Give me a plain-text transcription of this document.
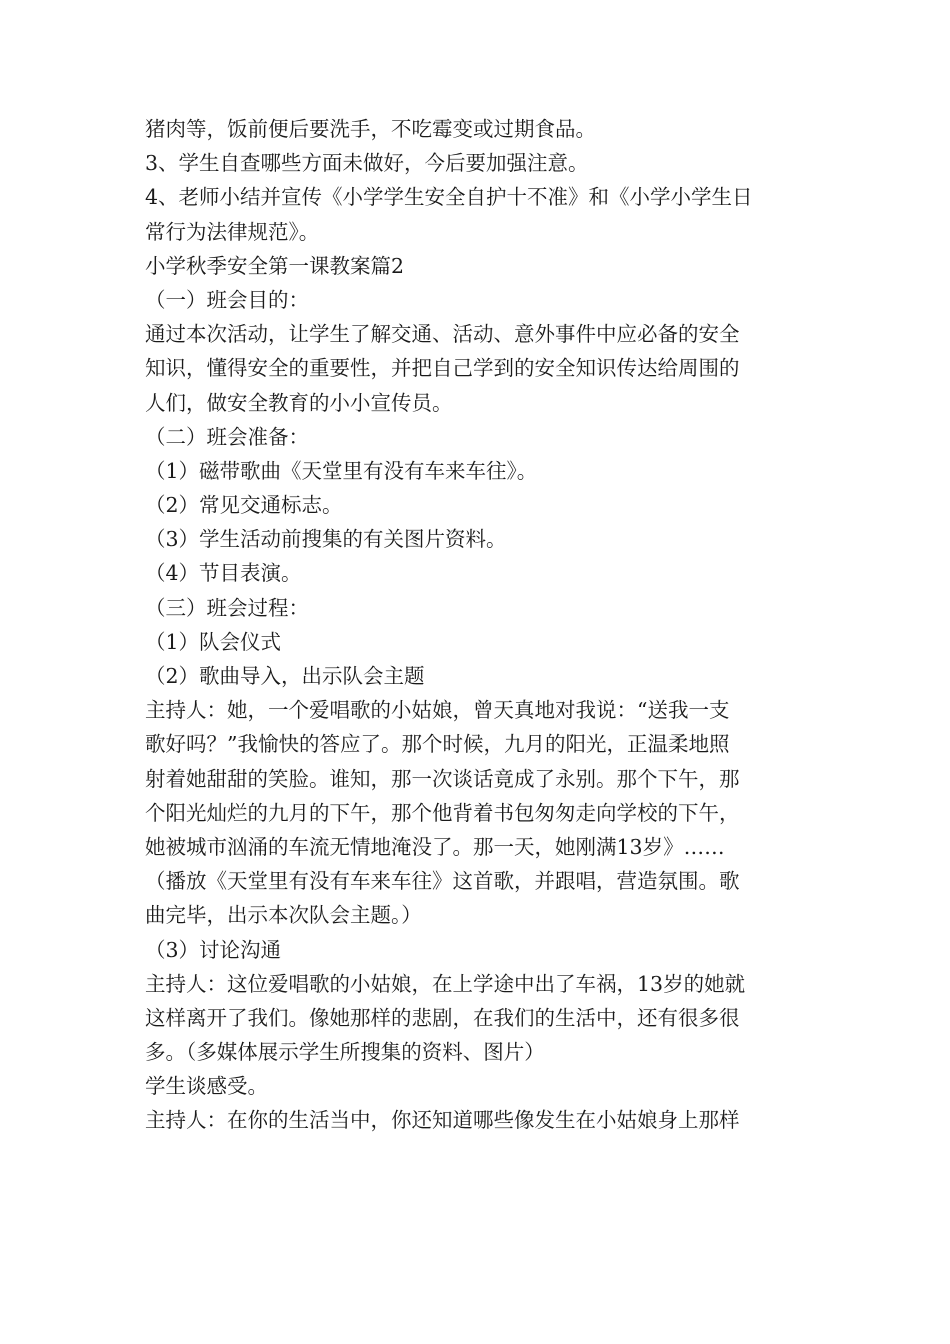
猪肉等，饭前便后要洗手，不吃霉变或过期食品。
3、学生自查哪些方面未做好，今后要加强注意。
4、老师小结并宣传《小学学生安全自护十不准》和《小学小学生日
常行为法律规范》。
小学秋季安全第一课教案篇2
（一）班会目的：
通过本次活动，让学生了解交通、活动、意外事件中应必备的安全
知识，懂得安全的重要性，并把自己学到的安全知识传达给周围的
人们，做安全教育的小小宣传员。
（二）班会准备：
（1）磁带歌曲《天堂里有没有车来车往》。
（2）常见交通标志。
（3）学生活动前搜集的有关图片资料。
（4）节目表演。
（三）班会过程：
（1）队会仪式
（2）歌曲导入，出示队会主题
主持人：她，一个爱唱歌的小姑娘，曾天真地对我说：“送我一支
歌好吗？”我愉快的答应了。那个时候，九月的阳光，正温柔地照
射着她甜甜的笑脸。谁知，那一次谈话竟成了永别。那个下午，那
个阳光灿烂的九月的下午，那个他背着书包匆匆走向学校的下午，
她被城市汹涌的车流无情地淹没了。那一天，她刚满13岁》……
（播放《天堂里有没有车来车往》这首歌，并跟唱，营造氛围。歌
曲完毕，出示本次队会主题。）
（3）讨论沟通
主持人：这位爱唱歌的小姑娘，在上学途中出了车祸，13岁的她就
这样离开了我们。像她那样的悲剧，在我们的生活中，还有很多很
多。（多媒体展示学生所搜集的资料、图片）
学生谈感受。
主持人：在你的生活当中，你还知道哪些像发生在小姑娘身上那样
